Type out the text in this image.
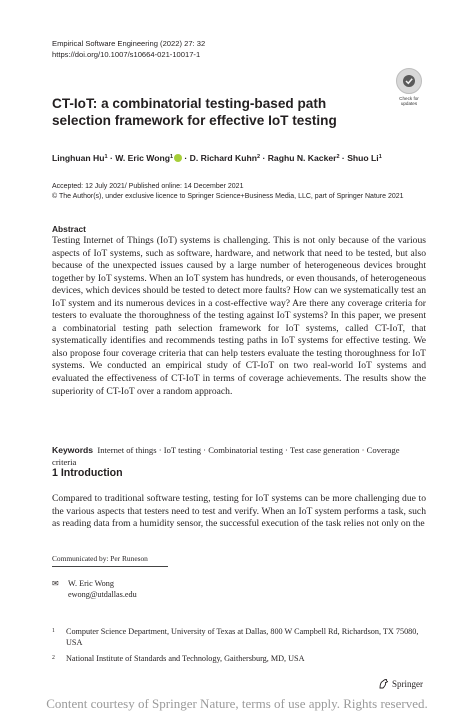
Empirical Software Engineering (2022) 27: 32
https://doi.org/10.1007/s10664-021-10017-1
Check for
updates
CT-IoT: a combinatorial testing-based path selection framework for effective IoT testing
Linghuan $Hu^1 \cdot W$. Eric Wong$^1$ · D. Richard Kuhn$^2$ · Raghu N. Kacker$^2$ · Shuo Li$^1$
Accepted: 12 July 2021/ Published online: 14 December 2021
© The Author(s), under exclusive licence to Springer Science+Business Media, LLC, part of Springer Nature 2021
Abstract
Testing Internet of Things (IoT) systems is challenging. This is not only because of the various aspects of IoT systems, such as software, hardware, and network that need to be tested, but also because of the unexpected issues caused by a large number of heterogeneous devices brought together by IoT systems. When an IoT system has hundreds, or even thousands, of heterogeneous devices, which devices should be tested to detect more faults? How can we systematically test an IoT system and its numerous devices in a cost-effective way? Are there any coverage criteria for testers to evaluate the thoroughness of the testing against IoT systems? In this paper, we present a combinatorial testing path selection framework for IoT systems, called CT-IoT, that systematically identifies and recommends testing paths in IoT systems for effective testing. We also propose four coverage criteria that can help testers evaluate the testing thoroughness for IoT systems. We conducted an empirical study of CT-IoT on two real-world IoT systems and evaluated the effectiveness of CT-IoT in terms of coverage achievements. The results show the superiority of CT-IoT over a random approach.
Keywords Internet of things · IoT testing · Combinatorial testing · Test case generation · Coverage criteria
1 Introduction
Compared to traditional software testing, testing for IoT systems can be more challenging due to the various aspects that testers need to test and verify. When an IoT system performs a task, such as reading data from a humidity sensor, the successful execution of the task relies not only on the
Communicated by: Per Runeson
✉ W. Eric Wong
ewong@utdallas.edu
1 Computer Science Department, University of Texas at Dallas, 800 W Campbell Rd, Richardson, TX 75080, USA
2 National Institute of Standards and Technology, Gaithersburg, MD, USA
Springer
Content courtesy of Springer Nature, terms of use apply. Rights reserved.
